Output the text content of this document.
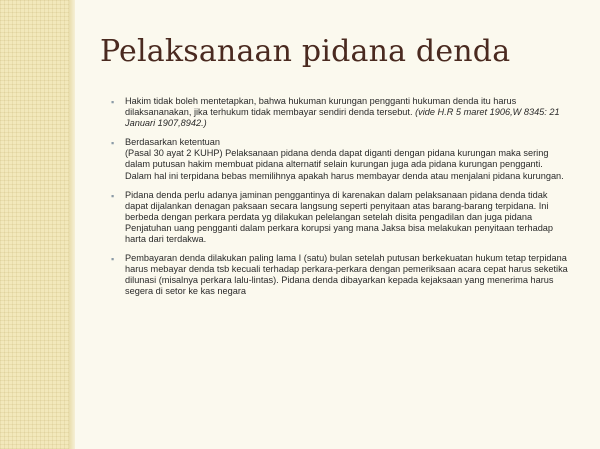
Pelaksanaan pidana denda
▪ Hakim tidak boleh mentetapkan, bahwa hukuman kurungan pengganti hukuman denda itu harus dilaksananakan, jika terhukum tidak membayar sendiri denda tersebut. (vide H.R 5 maret 1906,W 8345: 21 Januari 1907,8942.)

▪ Berdasarkan ketentuan

(Pasal 30 ayat 2 KUHP) Pelaksanaan pidana denda dapat diganti dengan pidana kurungan maka sering dalam putusan hakim membuat pidana alternatif selain kurungan juga ada pidana kurungan pengganti. Dalam hal ini terpidana bebas memilihnya apakah harus membayar denda atau menjalani pidana kurungan.

▪ Pidana denda perlu adanya jaminan penggantinya di karenakan dalam pelaksanaan pidana denda tidak dapat dijalankan denagan paksaan secara langsung seperti penyitaan atas barang-barang terpidana. Ini berbeda dengan perkara perdata yg dilakukan pelelangan setelah disita pengadilan dan juga pidana Penjatuhan uang pengganti dalam perkara korupsi yang mana Jaksa bisa melakukan penyitaan terhadap harta dari terdakwa.

▪ Pembayaran denda dilakukan paling lama I (satu) bulan setelah putusan berkekuatan hukum tetap terpidana harus mebayar denda tsb kecuali terhadap perkara-perkara dengan pemeriksaan acara cepat harus seketika dilunasi (misalnya perkara lalu-lintas). Pidana denda dibayarkan kepada kejaksaan yang menerima harus segera di setor ke kas negara
